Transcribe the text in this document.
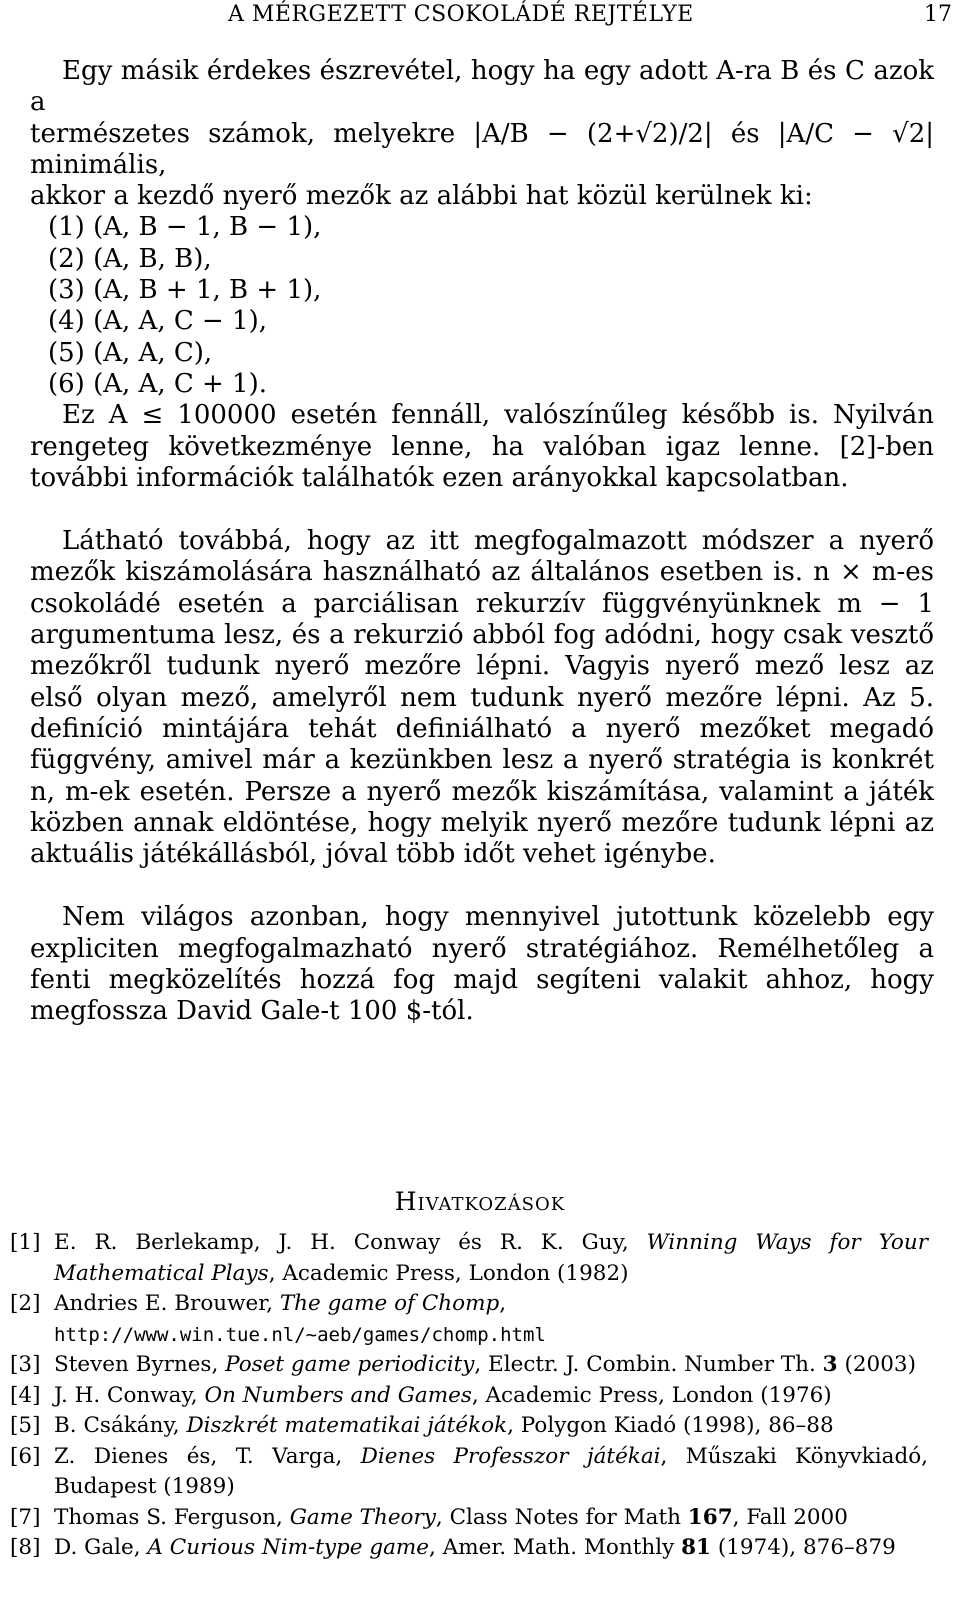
A MÉRGEZETT CSOKOLÁDÉ REJTÉLYE	17

Egy másik érdekes észrevétel, hogy ha egy adott A-ra B és C azok a

természetes számok, melyekre |A/B − (2+√2)/2| és |A/C − √2| minimális,

akkor a kezdő nyerő mezők az alábbi hat közül kerülnek ki:

(1) (A, B − 1, B − 1),
(2) (A, B, B),
(3) (A, B + 1, B + 1),
(4) (A, A, C − 1),
(5) (A, A, C),
(6) (A, A, C + 1).

Ez A ≤ 100000 esetén fennáll, valószínűleg később is. Nyilván rengeteg következménye lenne, ha valóban igaz lenne. [2]-ben további információk találhatók ezen arányokkal kapcsolatban.

Látható továbbá, hogy az itt megfogalmazott módszer a nyerő mezők kiszámolására használható az általános esetben is. n × m-es csokoládé esetén a parciálisan rekurzív függvényünknek m − 1 argumentuma lesz, és a rekurzió abból fog adódni, hogy csak vesztő mezőkről tudunk nyerő mezőre lépni. Vagyis nyerő mező lesz az első olyan mező, amelyről nem tudunk nyerő mezőre lépni. Az 5. definíció mintájára tehát definiálható a nyerő mezőket megadó függvény, amivel már a kezünkben lesz a nyerő stratégia is konkrét n, m-ek esetén. Persze a nyerő mezők kiszámítása, valamint a játék közben annak eldöntése, hogy melyik nyerő mezőre tudunk lépni az aktuális játékállásból, jóval több időt vehet igénybe.

Nem világos azonban, hogy mennyivel jutottunk közelebb egy expliciten megfogalmazható nyerő stratégiához. Remélhetőleg a fenti megközelítés hozzá fog majd segíteni valakit ahhoz, hogy megfossza David Gale-t 100 $-tól.

Hivatkozások
[1] E. R. Berlekamp, J. H. Conway és R. K. Guy, Winning Ways for Your Mathematical Plays, Academic Press, London (1982)
[2] Andries E. Brouwer, The game of Chomp,
http://www.win.tue.nl/~aeb/games/chomp.html
[3] Steven Byrnes, Poset game periodicity, Electr. J. Combin. Number Th. 3 (2003)
[4] J. H. Conway, On Numbers and Games, Academic Press, London (1976)
[5] B. Csákány, Diszkrét matematikai játékok, Polygon Kiadó (1998), 86–88
[6] Z. Dienes és, T. Varga, Dienes Professzor játékai, Műszaki Könyvkiadó, Budapest (1989)
[7] Thomas S. Ferguson, Game Theory, Class Notes for Math 167, Fall 2000
[8] D. Gale, A Curious Nim-type game, Amer. Math. Monthly 81 (1974), 876–879
